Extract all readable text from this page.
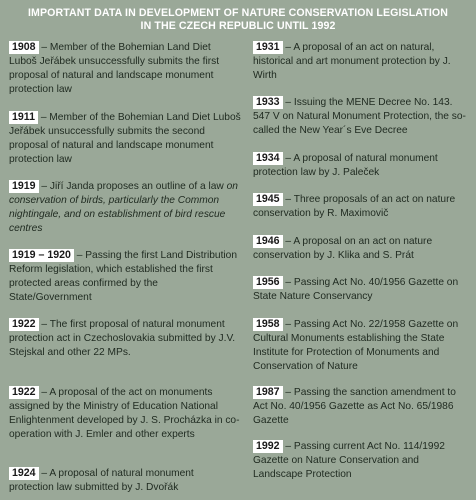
IMPORTANT DATA IN DEVELOPMENT OF NATURE CONSERVATION LEGISLATION
IN THE CZECH REPUBLIC UNTIL 1992
1908 – Member of the Bohemian Land Diet Luboš Jeřábek unsuccessfully submits the first proposal of natural and landscape monument protection law
1911 – Member of the Bohemian Land Diet Luboš Jeřábek unsuccessfully submits the second proposal of natural and landscape monument protection law
1919 – Jiří Janda proposes an outline of a law on conservation of birds, particularly the Common nightingale, and on establishment of bird rescue centres
1919 – 1920 – Passing the first Land Distribution Reform legislation, which established the first protected areas confirmed by the State/Government
1922 – The first proposal of natural monument protection act in Czechoslovakia submitted by J.V. Stejskal and other 22 MPs.
1922 – A proposal of the act on monuments assigned by the Ministry of Education National Enlightenment developed by J. S. Procházka in co-operation with J. Emler and other experts
1924 – A proposal of natural monument protection law submitted by J. Dvořák
1931 – A proposal of an act on natural, historical and art monument protection by J. Wirth
1933 – Issuing the MENE Decree No. 143. 547 V on Natural Monument Protection, the so-called the New Year´s Eve Decree
1934 – A proposal of natural monument protection law by J. Paleček
1945 – Three proposals of an act on nature conservation by R. Maximovič
1946 – A proposal on an act on nature conservation by J. Klika and S. Prát
1956 – Passing Act No. 40/1956 Gazette on State Nature Conservancy
1958 – Passing Act No. 22/1958 Gazette on Cultural Monuments establishing the State Institute for Protection of Monuments and Conservation of Nature
1987 – Passing the sanction amendment to Act No. 40/1956 Gazette as Act No. 65/1986 Gazette
1992 – Passing current Act No. 114/1992 Gazette on Nature Conservation and Landscape Protection
